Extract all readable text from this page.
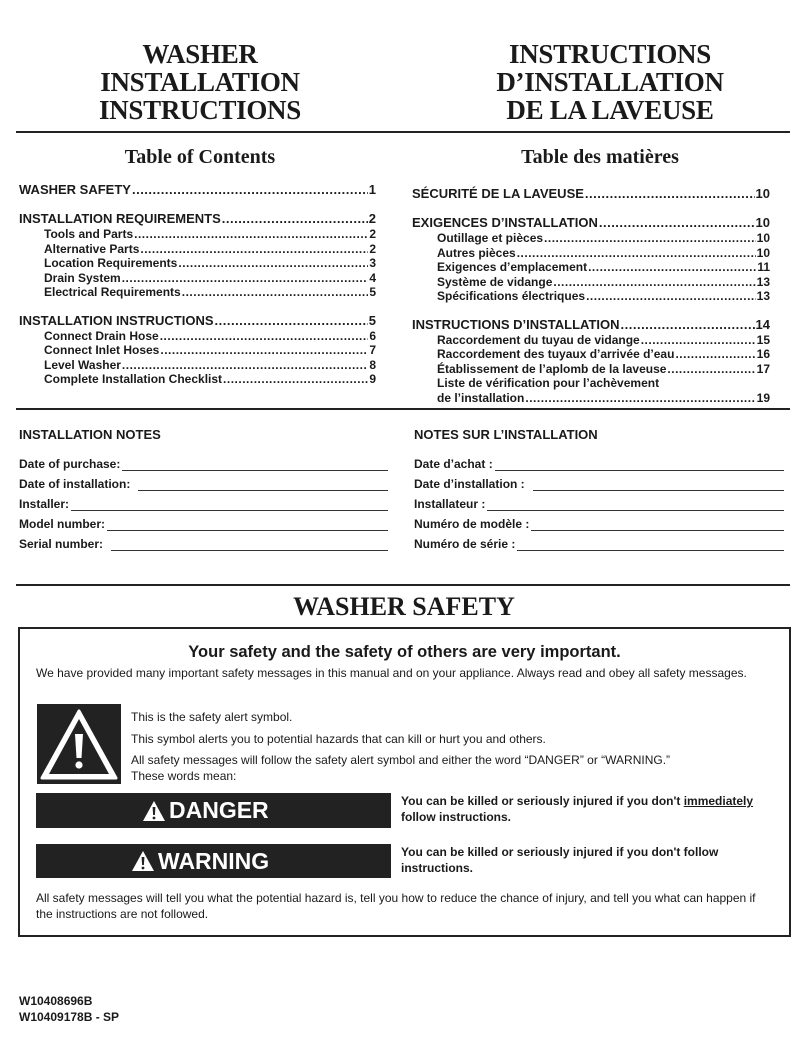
WASHER
INSTALLATION
INSTRUCTIONS
INSTRUCTIONS
D’INSTALLATION
DE LA LAVEUSE
Table of Contents	Table des matières
WASHER SAFETY .....	1
INSTALLATION REQUIREMENTS .....	2
Tools and Parts .....	2
Alternative Parts .....	2
Location Requirements .....	3
Drain System .....	4
Electrical Requirements .....	5
INSTALLATION INSTRUCTIONS .....	5
Connect Drain Hose .....	6
Connect Inlet Hoses .....	7
Level Washer .....	8
Complete Installation Checklist .....	9
SÉCURITÉ DE LA LAVEUSE .....	10
EXIGENCES D’INSTALLATION .....	10
Outillage et pièces .....	10
Autres pièces .....	10
Exigences d’emplacement .....	11
Système de vidange .....	13
Spécifications électriques .....	13
INSTRUCTIONS D’INSTALLATION .....	14
Raccordement du tuyau de vidange .....	15
Raccordement des tuyaux d’arrivée d’eau .....	16
Établissement de l’aplomb de la laveuse .....	17
Liste de vérification pour l’achèvement
de l’installation .....	19
INSTALLATION NOTES	NOTES SUR L’INSTALLATION
Date of purchase:
Date of installation:
Installer:
Model number:
Serial number:
Date d’achat :
Date d’installation :
Installateur :
Numéro de modèle :
Numéro de série :
WASHER SAFETY
Your safety and the safety of others are very important.
We have provided many important safety messages in this manual and on your appliance. Always read and obey all safety messages.
This is the safety alert symbol.
This symbol alerts you to potential hazards that can kill or hurt you and others.
All safety messages will follow the safety alert symbol and either the word “DANGER” or “WARNING.”
These words mean:
DANGER	You can be killed or seriously injured if you don't immediately
follow instructions.
WARNING	You can be killed or seriously injured if you don't follow instructions.
All safety messages will tell you what the potential hazard is, tell you how to reduce the chance of injury, and tell you what can happen if the instructions are not followed.
W10408696B
W10409178B - SP
